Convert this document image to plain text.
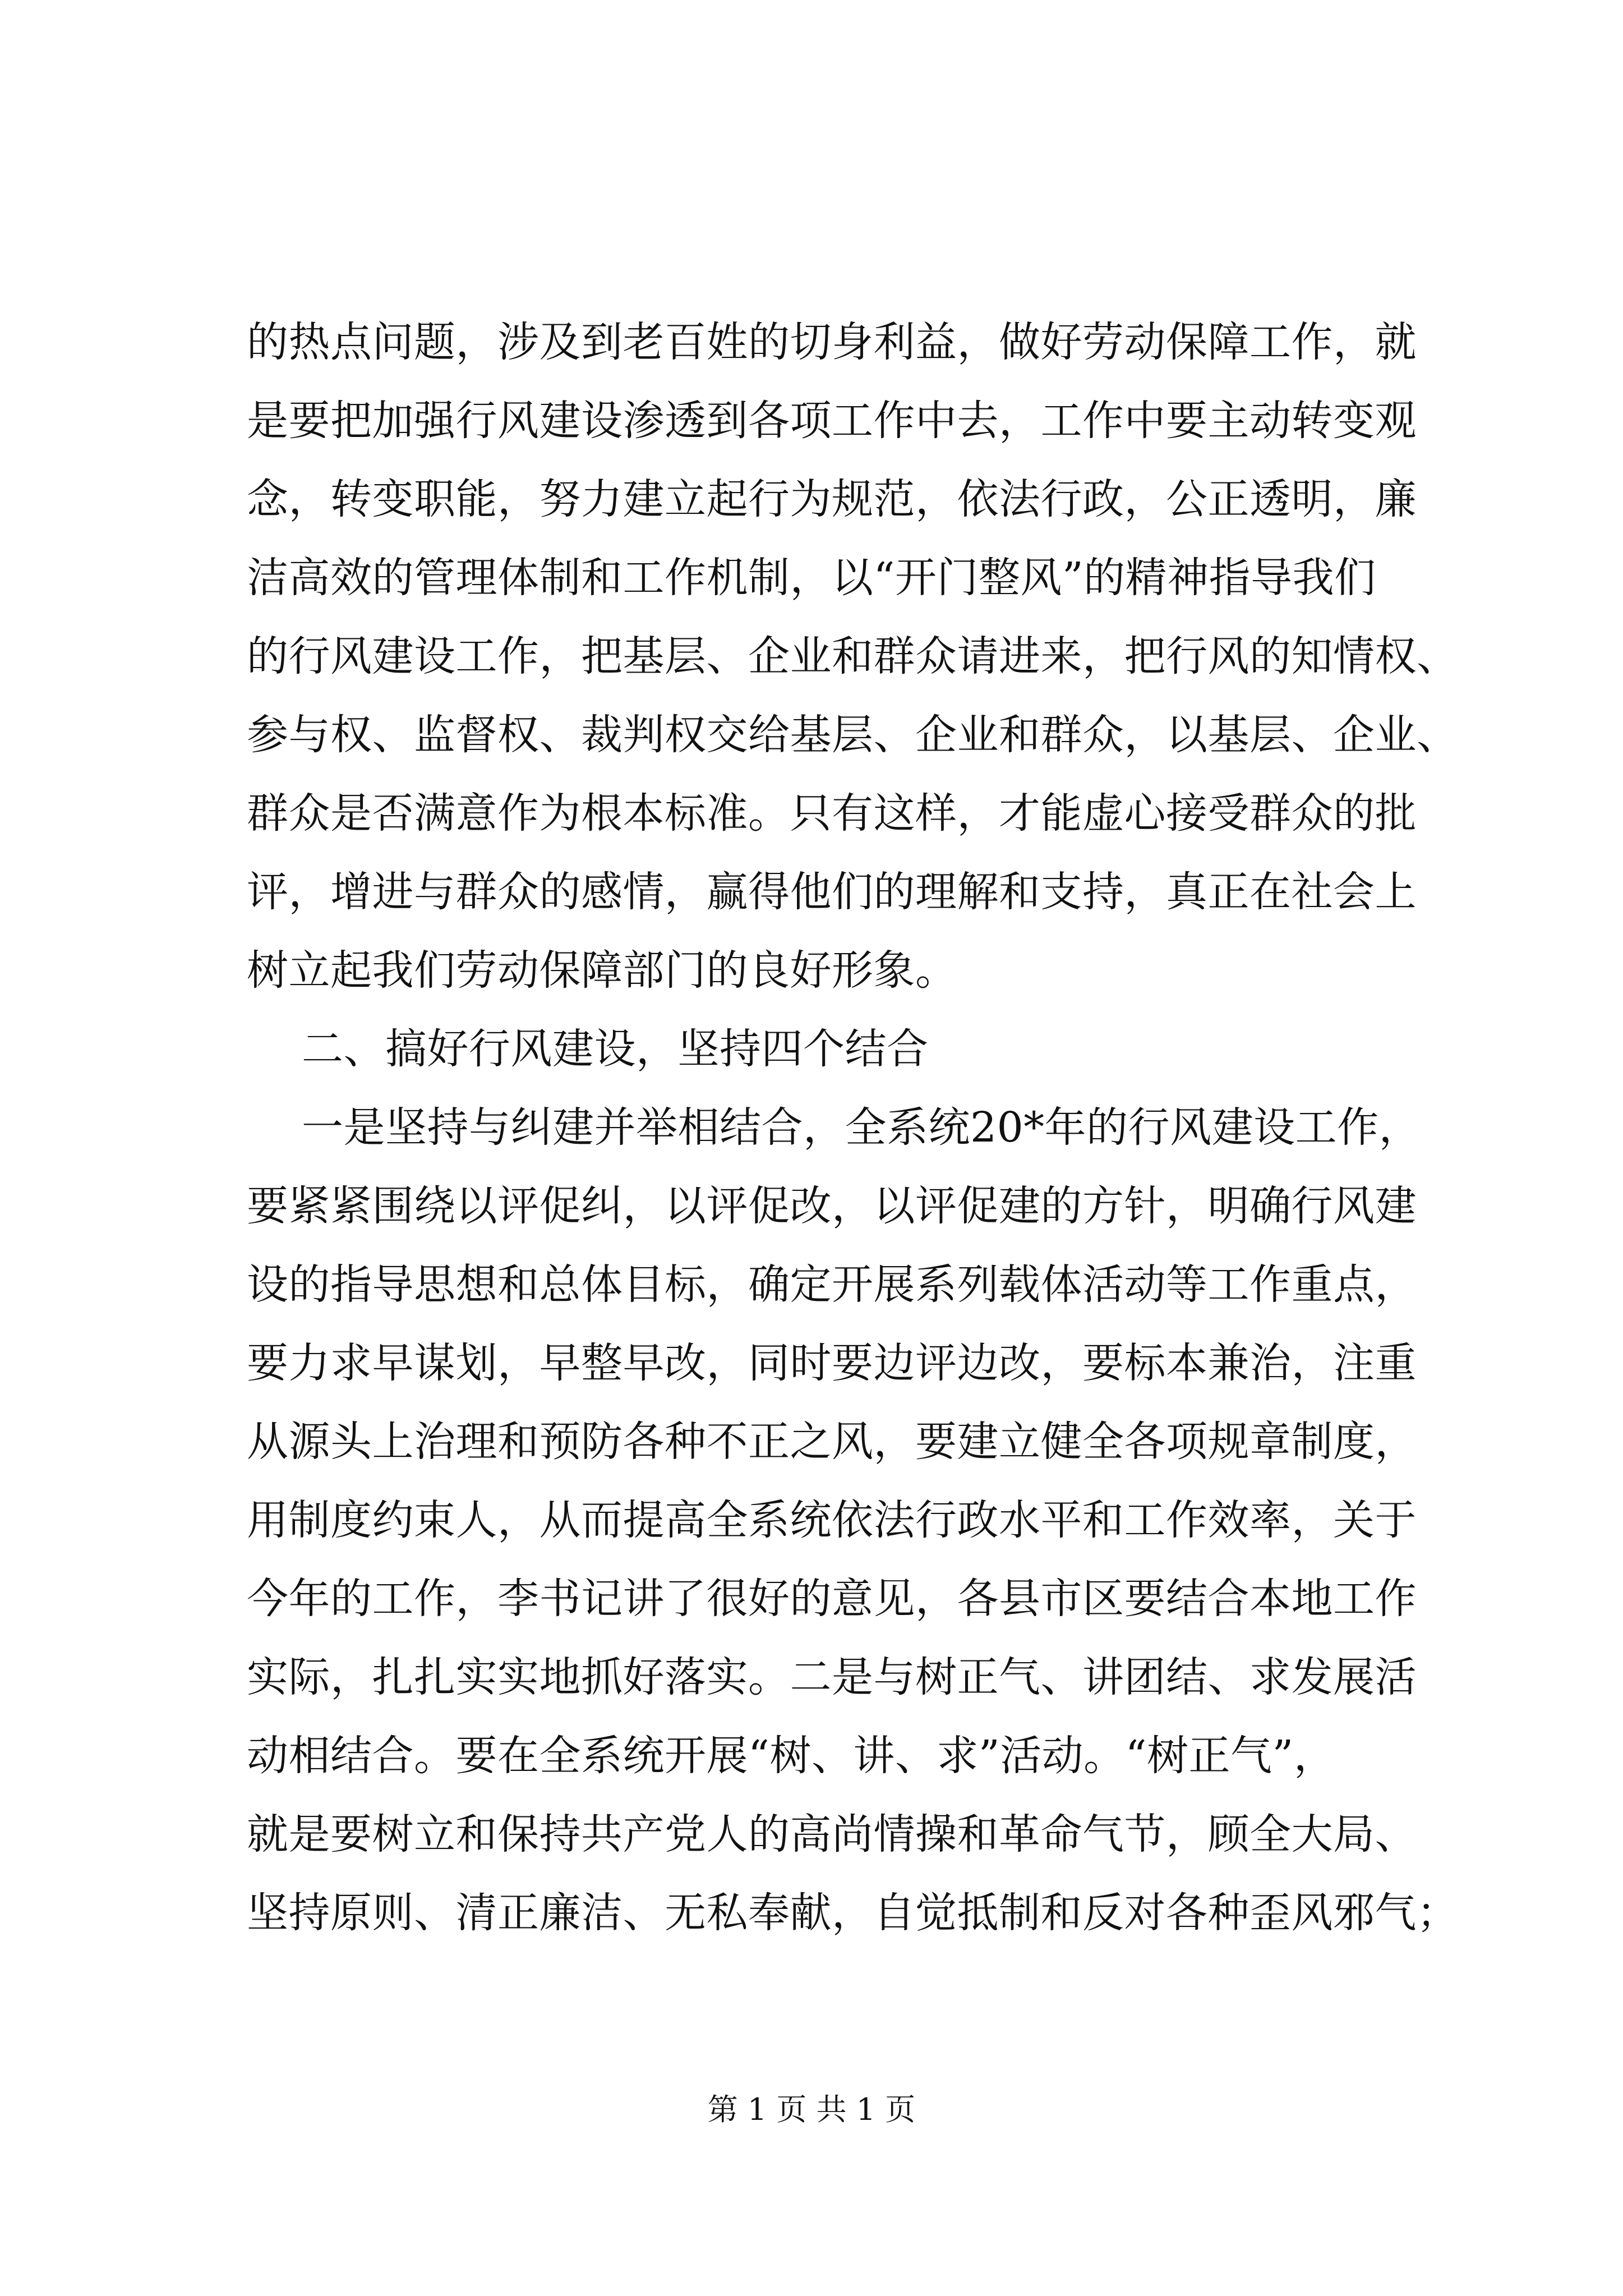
的热点问题，涉及到老百姓的切身利益，做好劳动保障工作，就
是要把加强行风建设渗透到各项工作中去，工作中要主动转变观
念，转变职能，努力建立起行为规范，依法行政，公正透明，廉
洁高效的管理体制和工作机制，以“开门整风”的精神指导我们
的行风建设工作，把基层、企业和群众请进来，把行风的知情权、
参与权、监督权、裁判权交给基层、企业和群众，以基层、企业、
群众是否满意作为根本标准。只有这样，才能虚心接受群众的批
评，增进与群众的感情，赢得他们的理解和支持，真正在社会上
树立起我们劳动保障部门的良好形象。
二、搞好行风建设，坚持四个结合
一是坚持与纠建并举相结合，全系统20*年的行风建设工作，
要紧紧围绕以评促纠，以评促改，以评促建的方针，明确行风建
设的指导思想和总体目标，确定开展系列载体活动等工作重点，
要力求早谋划，早整早改，同时要边评边改，要标本兼治，注重
从源头上治理和预防各种不正之风，要建立健全各项规章制度，
用制度约束人，从而提高全系统依法行政水平和工作效率，关于
今年的工作，李书记讲了很好的意见，各县市区要结合本地工作
实际，扎扎实实地抓好落实。二是与树正气、讲团结、求发展活
动相结合。要在全系统开展“树、讲、求”活动。“树正气”，
就是要树立和保持共产党人的高尚情操和革命气节，顾全大局、
坚持原则、清正廉洁、无私奉献，自觉抵制和反对各种歪风邪气；
第 1 页 共 1 页
